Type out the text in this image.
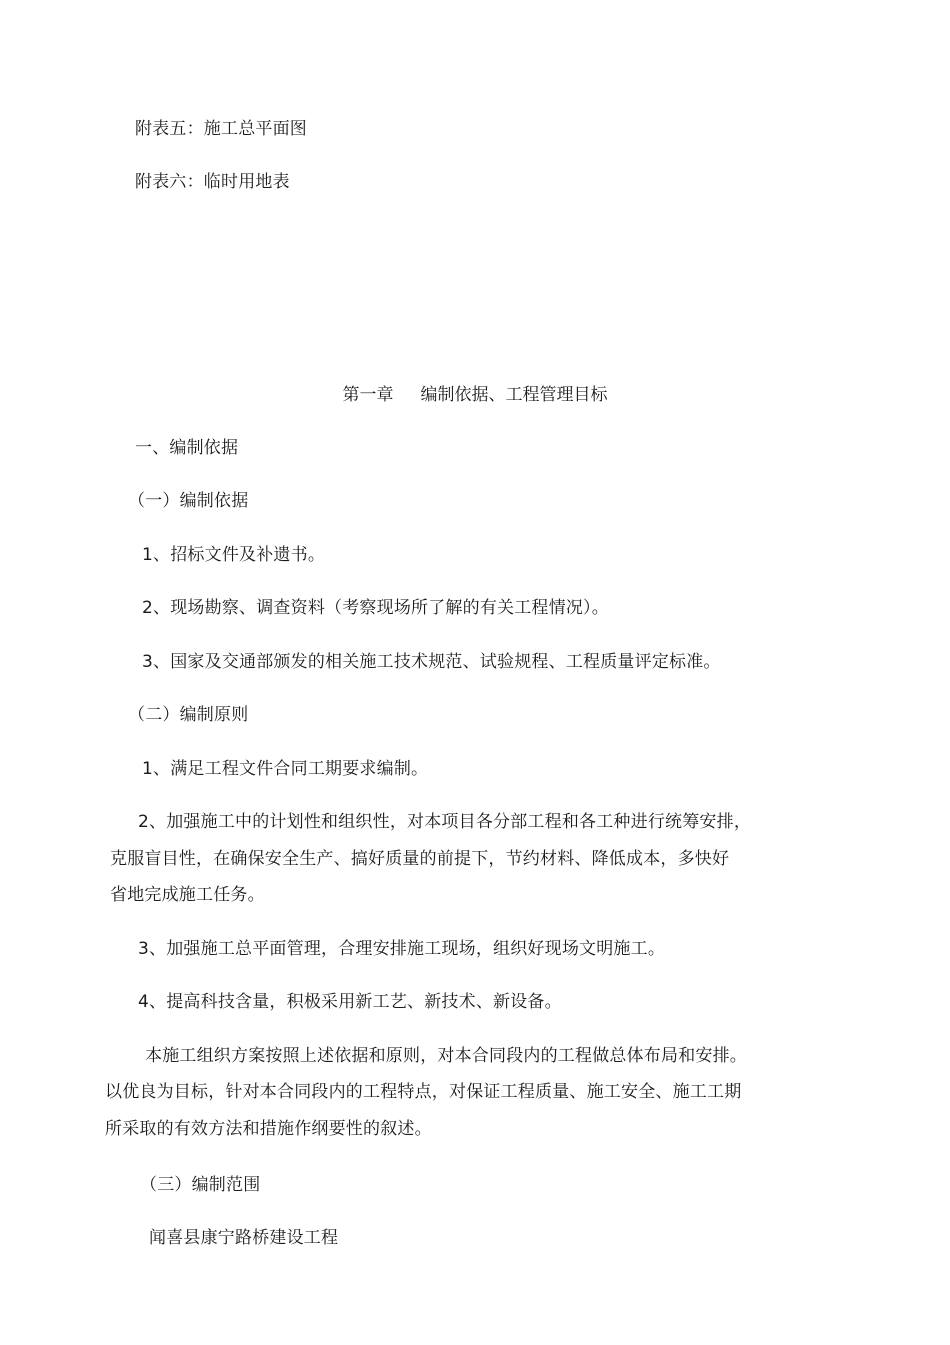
附表五：施工总平面图
附表六：临时用地表
第一章     编制依据、工程管理目标
一、编制依据
（一）编制依据
1、招标文件及补遗书。
2、现场勘察、调查资料（考察现场所了解的有关工程情况）。
3、国家及交通部颁发的相关施工技术规范、试验规程、工程质量评定标准。
（二）编制原则
1、满足工程文件合同工期要求编制。
2、加强施工中的计划性和组织性，对本项目各分部工程和各工种进行统筹安排，
克服盲目性，在确保安全生产、搞好质量的前提下，节约材料、降低成本，多快好
省地完成施工任务。
3、加强施工总平面管理，合理安排施工现场，组织好现场文明施工。
4、提高科技含量，积极采用新工艺、新技术、新设备。
本施工组织方案按照上述依据和原则，对本合同段内的工程做总体布局和安排。
以优良为目标，针对本合同段内的工程特点，对保证工程质量、施工安全、施工工期
所采取的有效方法和措施作纲要性的叙述。
（三）编制范围
闻喜县康宁路桥建设工程
